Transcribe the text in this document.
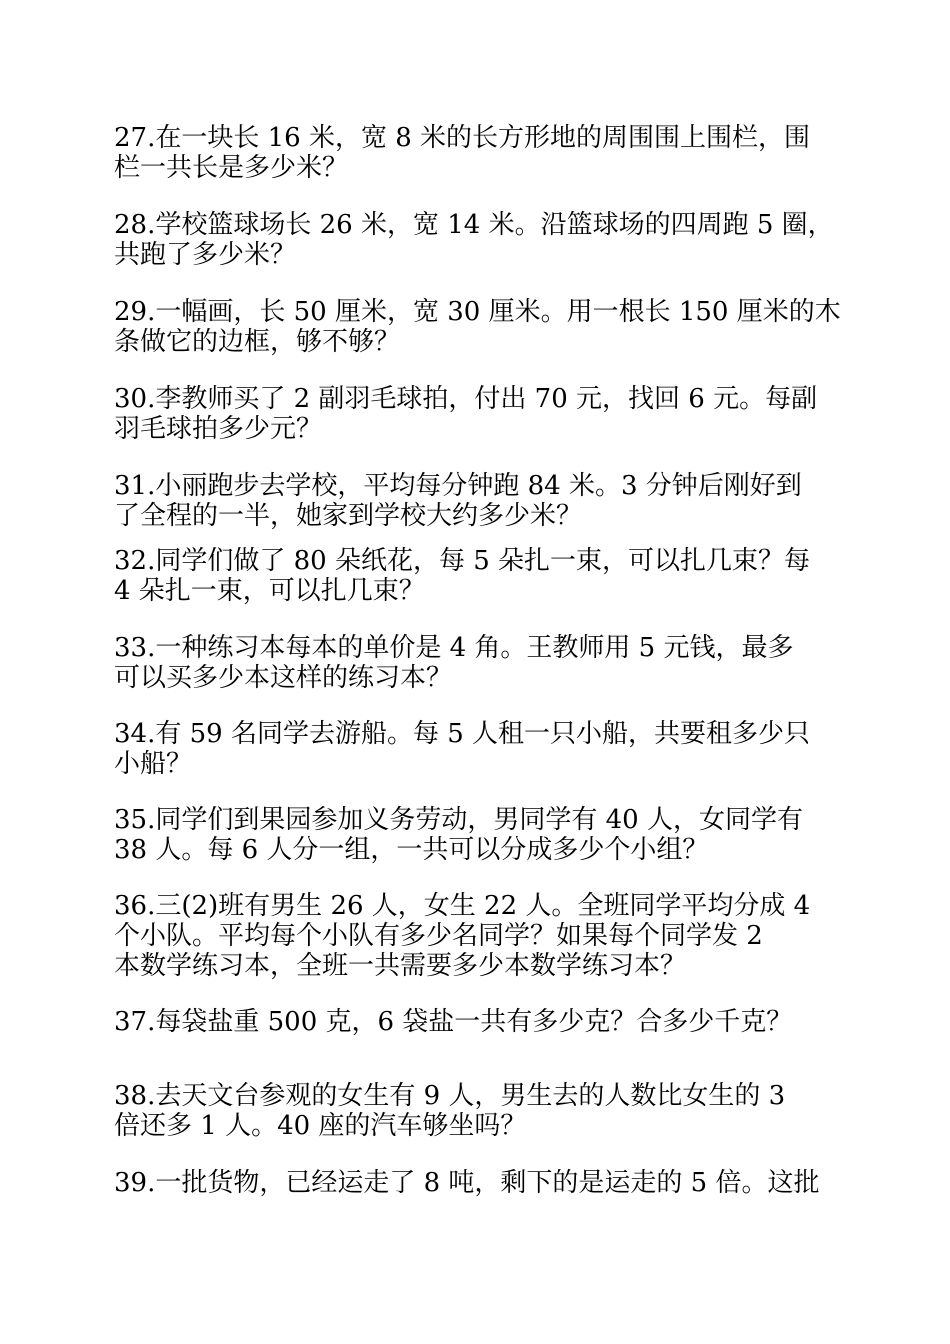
27.在一块长 16 米，宽 8 米的长方形地的周围围上围栏，围
栏一共长是多少米？
28.学校篮球场长 26 米，宽 14 米。沿篮球场的四周跑 5 圈，
共跑了多少米？
29.一幅画，长 50 厘米，宽 30 厘米。用一根长 150 厘米的木
条做它的边框，够不够？
30.李教师买了 2 副羽毛球拍，付出 70 元，找回 6 元。每副
羽毛球拍多少元？
31.小丽跑步去学校，平均每分钟跑 84 米。3 分钟后刚好到
了全程的一半，她家到学校大约多少米？
32.同学们做了 80 朵纸花，每 5 朵扎一束，可以扎几束？每
4 朵扎一束，可以扎几束？
33.一种练习本每本的单价是 4 角。王教师用 5 元钱，最多
可以买多少本这样的练习本？
34.有 59 名同学去游船。每 5 人租一只小船，共要租多少只
小船？
35.同学们到果园参加义务劳动，男同学有 40 人，女同学有
38 人。每 6 人分一组，一共可以分成多少个小组？
36.三(2)班有男生 26 人，女生 22 人。全班同学平均分成 4
个小队。平均每个小队有多少名同学？如果每个同学发 2
本数学练习本，全班一共需要多少本数学练习本？
37.每袋盐重 500 克，6 袋盐一共有多少克？合多少千克？
38.去天文台参观的女生有 9 人，男生去的人数比女生的 3
倍还多 1 人。40 座的汽车够坐吗？
39.一批货物，已经运走了 8 吨，剩下的是运走的 5 倍。这批
